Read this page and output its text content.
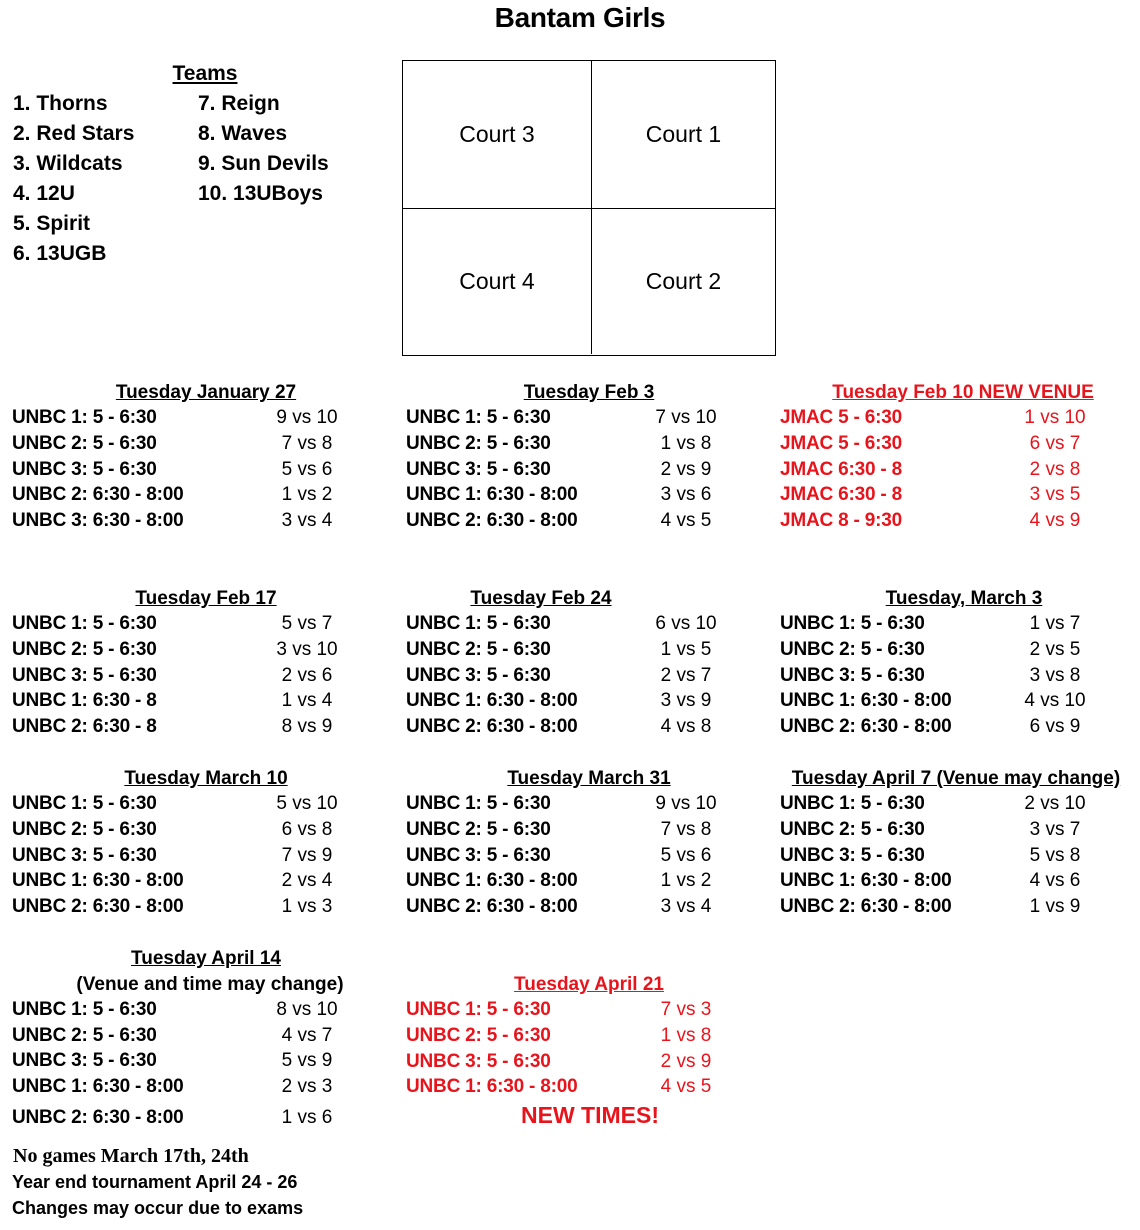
Bantam Girls
Teams
1. Thorns
2. Red Stars
3. Wildcats
4. 12U
5. Spirit
6. 13UGB
7. Reign
8. Waves
9. Sun Devils
10. 13UBoys
Court 3	Court 1
Court 4	Court 2
Tuesday January 27
UNBC 1: 5 - 6:30	9 vs 10
UNBC 2: 5 - 6:30	7 vs 8
UNBC 3: 5 - 6:30	5 vs 6
UNBC 2: 6:30 - 8:00	1 vs 2
UNBC 3: 6:30 - 8:00	3 vs 4
Tuesday Feb 3
UNBC 1: 5 - 6:30	7 vs 10
UNBC 2: 5 - 6:30	1 vs 8
UNBC 3: 5 - 6:30	2 vs 9
UNBC 1: 6:30 - 8:00	3 vs 6
UNBC 2: 6:30 - 8:00	4 vs 5
Tuesday Feb 10 NEW VENUE
JMAC 5 - 6:30	1 vs 10
JMAC 5 - 6:30	6 vs 7
JMAC 6:30 - 8	2 vs 8
JMAC 6:30 - 8	3 vs 5
JMAC 8 - 9:30	4 vs 9
Tuesday Feb 17
UNBC 1: 5 - 6:30	5 vs 7
UNBC 2: 5 - 6:30	3 vs 10
UNBC 3: 5 - 6:30	2 vs 6
UNBC 1: 6:30 - 8	1 vs 4
UNBC 2: 6:30 - 8	8 vs 9
Tuesday Feb 24
UNBC 1: 5 - 6:30	6 vs 10
UNBC 2: 5 - 6:30	1 vs 5
UNBC 3: 5 - 6:30	2 vs 7
UNBC 1: 6:30 - 8:00	3 vs 9
UNBC 2: 6:30 - 8:00	4 vs 8
Tuesday, March 3
UNBC 1: 5 - 6:30	1 vs 7
UNBC 2: 5 - 6:30	2 vs 5
UNBC 3: 5 - 6:30	3 vs 8
UNBC 1: 6:30 - 8:00	4 vs 10
UNBC 2: 6:30 - 8:00	6 vs 9
Tuesday March 10
UNBC 1: 5 - 6:30	5 vs 10
UNBC 2: 5 - 6:30	6 vs 8
UNBC 3: 5 - 6:30	7 vs 9
UNBC 1: 6:30 - 8:00	2 vs 4
UNBC 2: 6:30 - 8:00	1 vs 3
Tuesday March 31
UNBC 1: 5 - 6:30	9 vs 10
UNBC 2: 5 - 6:30	7 vs 8
UNBC 3: 5 - 6:30	5 vs 6
UNBC 1: 6:30 - 8:00	1 vs 2
UNBC 2: 6:30 - 8:00	3 vs 4
Tuesday April 7 (Venue may change)
UNBC 1: 5 - 6:30	2 vs 10
UNBC 2: 5 - 6:30	3 vs 7
UNBC 3: 5 - 6:30	5 vs 8
UNBC 1: 6:30 - 8:00	4 vs 6
UNBC 2: 6:30 - 8:00	1 vs 9
Tuesday April 14
(Venue and time may change)
UNBC 1: 5 - 6:30	8 vs 10
UNBC 2: 5 - 6:30	4 vs 7
UNBC 3: 5 - 6:30	5 vs 9
UNBC 1: 6:30 - 8:00	2 vs 3
UNBC 2: 6:30 - 8:00	1 vs 6
Tuesday April 21
UNBC 1: 5 - 6:30	7 vs 3
UNBC 2: 5 - 6:30	1 vs 8
UNBC 3: 5 - 6:30	2 vs 9
UNBC 1: 6:30 - 8:00	4 vs 5
NEW TIMES!
No games March 17th, 24th
Year end tournament April 24 - 26
Changes may occur due to exams
